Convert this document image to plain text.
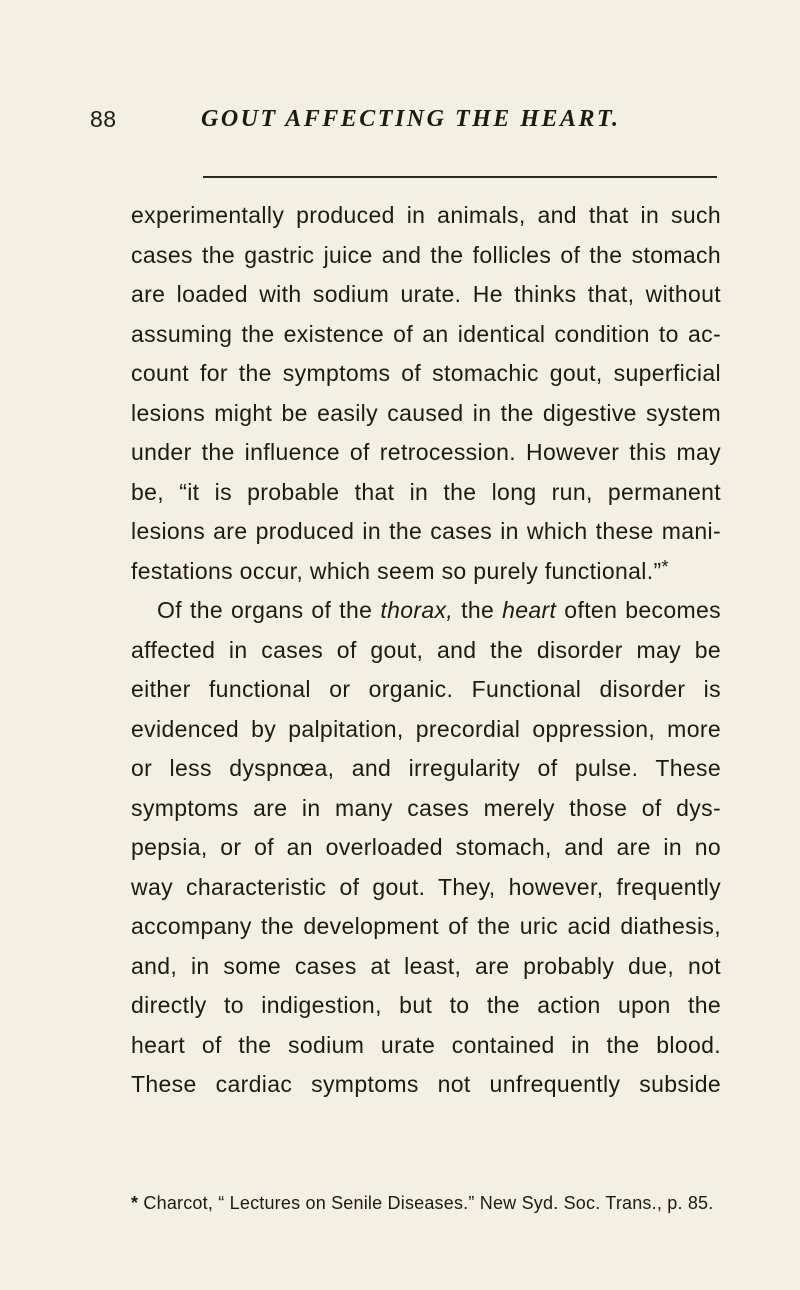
88	GOUT AFFECTING THE HEART.
experimentally produced in animals, and that in such
cases the gastric juice and the follicles of the stomach
are loaded with sodium urate. He thinks that, without
assuming the existence of an identical condition to ac-
count for the symptoms of stomachic gout, superficial
lesions might be easily caused in the digestive system
under the influence of retrocession. However this may
be, “it is probable that in the long run, permanent
lesions are produced in the cases in which these mani-
festations occur, which seem so purely functional.”*
Of the organs of the thorax, the heart often becomes
affected in cases of gout, and the disorder may be
either functional or organic. Functional disorder is
evidenced by palpitation, precordial oppression, more
or less dyspnœa, and irregularity of pulse. These
symptoms are in many cases merely those of dys-
pepsia, or of an overloaded stomach, and are in no
way characteristic of gout. They, however, frequently
accompany the development of the uric acid diathesis,
and, in some cases at least, are probably due, not
directly to indigestion, but to the action upon the
heart of the sodium urate contained in the blood.
These cardiac symptoms not unfrequently subside
* Charcot, “ Lectures on Senile Diseases.” New Syd. Soc. Trans., p. 85.
